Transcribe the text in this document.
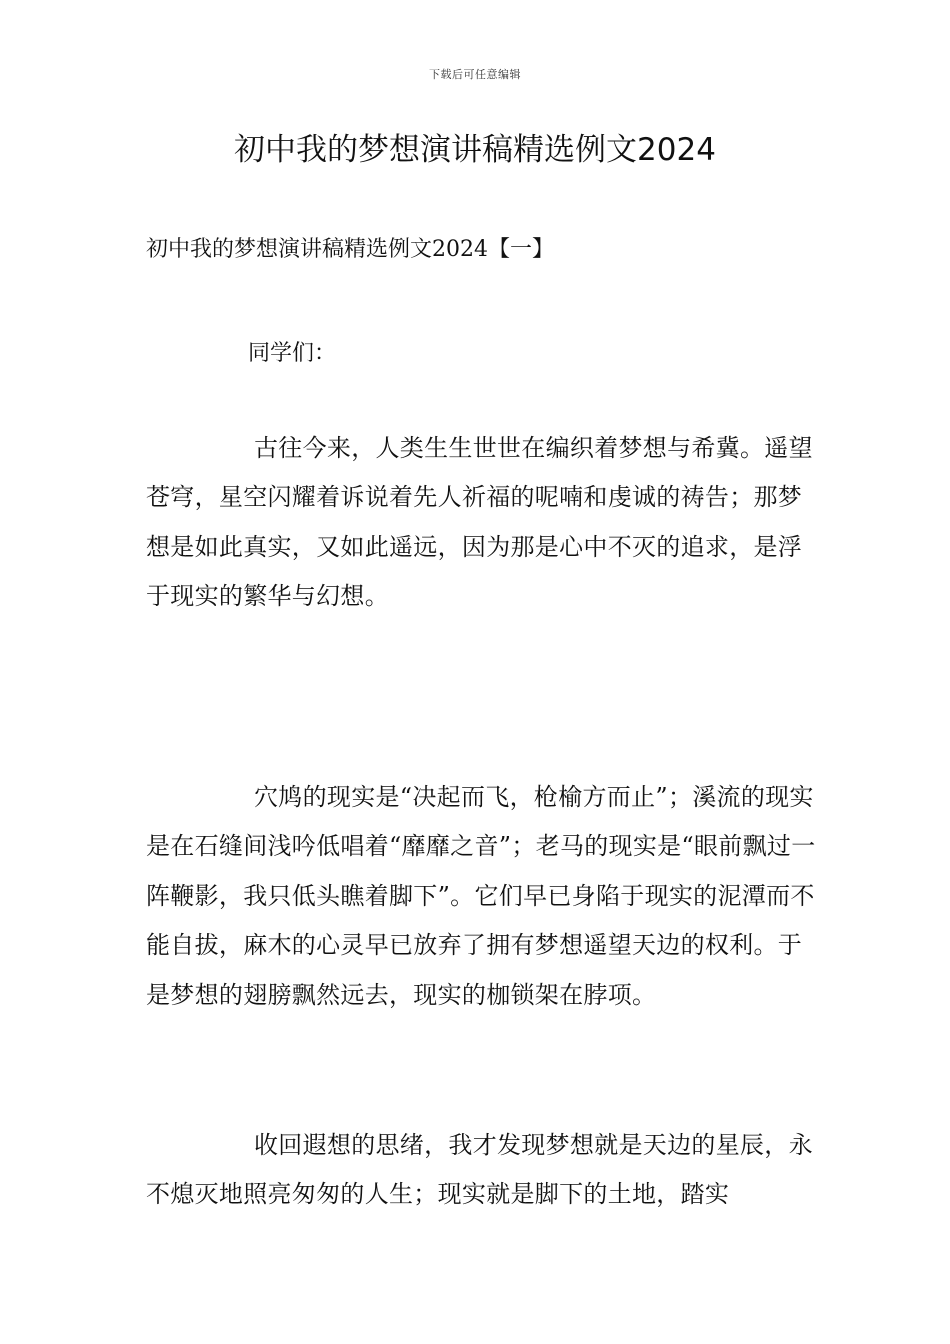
下载后可任意编辑
初中我的梦想演讲稿精选例文2024
初中我的梦想演讲稿精选例文2024【一】

同学们：

古往今来，人类生生世世在编织着梦想与希冀。遥望苍穹，星空闪耀着诉说着先人祈福的呢喃和虔诚的祷告；那梦想是如此真实，又如此遥远，因为那是心中不灭的追求，是浮于现实的繁华与幻想。

穴鸠的现实是“决起而飞，枪榆方而止”；溪流的现实是在石缝间浅吟低唱着“靡靡之音”；老马的现实是“眼前飘过一阵鞭影，我只低头瞧着脚下”。它们早已身陷于现实的泥潭而不能自拔，麻木的心灵早已放弃了拥有梦想遥望天边的权利。于是梦想的翅膀飘然远去，现实的枷锁架在脖项。

收回遐想的思绪，我才发现梦想就是天边的星辰，永不熄灭地照亮匆匆的人生；现实就是脚下的土地，踏实
